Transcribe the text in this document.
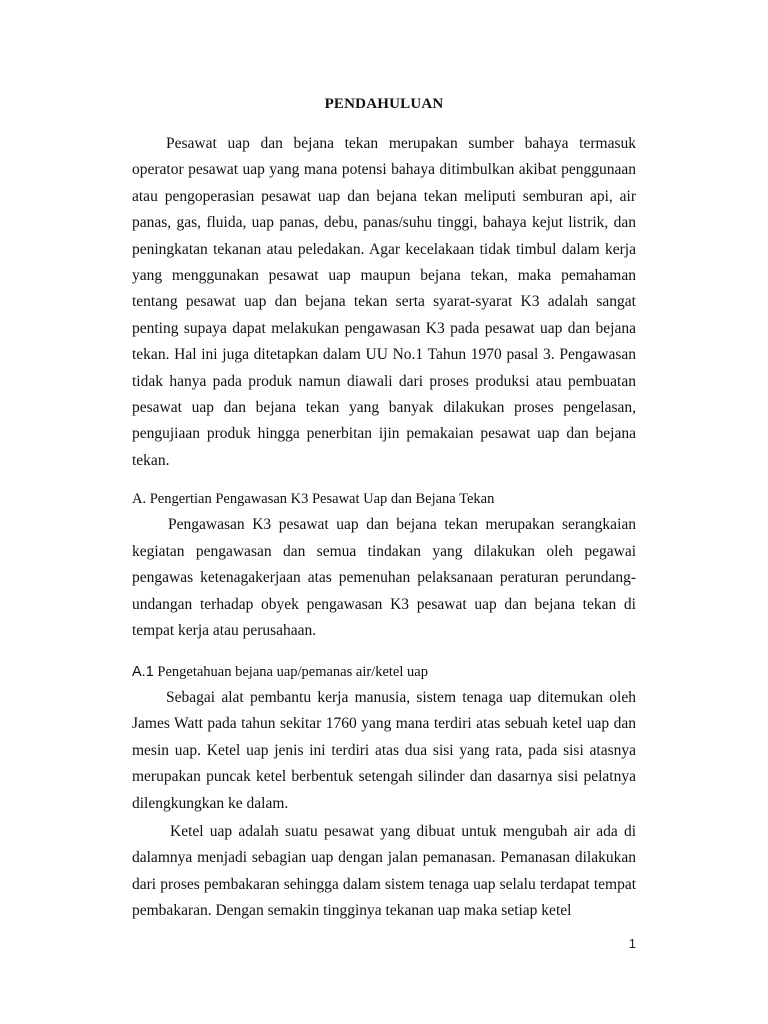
PENDAHULUAN

Pesawat uap dan bejana tekan merupakan sumber bahaya termasuk operator pesawat uap yang mana potensi bahaya ditimbulkan akibat penggunaan atau pengoperasian pesawat uap dan bejana tekan meliputi semburan api, air panas, gas, fluida, uap panas, debu, panas/suhu tinggi, bahaya kejut listrik, dan peningkatan tekanan atau peledakan. Agar kecelakaan tidak timbul dalam kerja yang menggunakan pesawat uap maupun bejana tekan, maka pemahaman tentang pesawat uap dan bejana tekan serta syarat-syarat K3 adalah sangat penting supaya dapat melakukan pengawasan K3 pada pesawat uap dan bejana tekan. Hal ini juga ditetapkan dalam UU No.1 Tahun 1970 pasal 3. Pengawasan tidak hanya pada produk namun diawali dari proses produksi atau pembuatan pesawat uap dan bejana tekan yang banyak dilakukan proses pengelasan, pengujiaan produk hingga penerbitan ijin pemakaian pesawat uap dan bejana tekan.

A. Pengertian Pengawasan K3 Pesawat Uap dan Bejana Tekan

Pengawasan K3 pesawat uap dan bejana tekan merupakan serangkaian kegiatan pengawasan dan semua tindakan yang dilakukan oleh pegawai pengawas ketenagakerjaan atas pemenuhan pelaksanaan peraturan perundang-undangan terhadap obyek pengawasan K3 pesawat uap dan bejana tekan di tempat kerja atau perusahaan.

A.1 Pengetahuan bejana uap/pemanas air/ketel uap

Sebagai alat pembantu kerja manusia, sistem tenaga uap ditemukan oleh James Watt pada tahun sekitar 1760 yang mana terdiri atas sebuah ketel uap dan mesin uap. Ketel uap jenis ini terdiri atas dua sisi yang rata, pada sisi atasnya merupakan puncak ketel berbentuk setengah silinder dan dasarnya sisi pelatnya dilengkungkan ke dalam.

Ketel uap adalah suatu pesawat yang dibuat untuk mengubah air ada di dalamnya menjadi sebagian uap dengan jalan pemanasan. Pemanasan dilakukan dari proses pembakaran sehingga dalam sistem tenaga uap selalu terdapat tempat pembakaran. Dengan semakin tingginya tekanan uap maka setiap ketel

1
